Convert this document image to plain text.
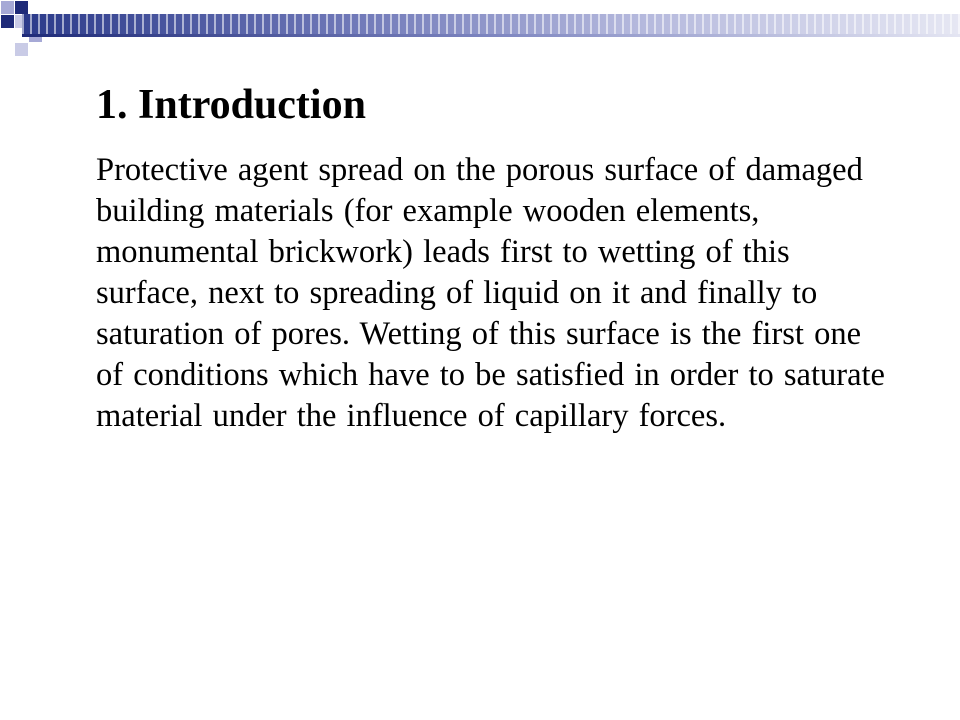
1. Introduction

Protective agent spread on the porous surface of damaged building materials (for example wooden elements, monumental brickwork) leads first to wetting of this surface, next to spreading of liquid on it and finally to saturation of pores. Wetting of this surface is the first one of conditions which have to be satisfied in order to saturate material under the influence of capillary forces.
